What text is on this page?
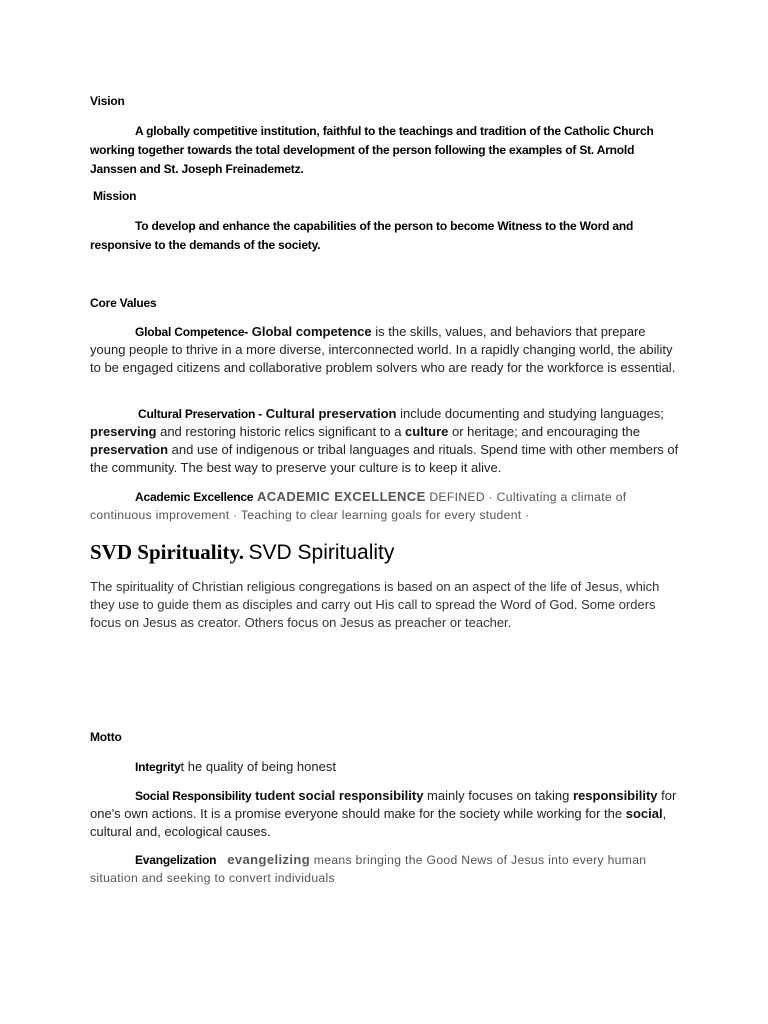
Vision
A globally competitive institution, faithful to the teachings and tradition of the Catholic Church working together towards the total development of the person following the examples of St. Arnold Janssen and St. Joseph Freinademetz.
Mission
To develop and enhance the capabilities of the person to become Witness to the Word and responsive to the demands of the society.
Core Values
Global Competence- Global competence is the skills, values, and behaviors that prepare young people to thrive in a more diverse, interconnected world. In a rapidly changing world, the ability to be engaged citizens and collaborative problem solvers who are ready for the workforce is essential.
Cultural Preservation - Cultural preservation include documenting and studying languages; preserving and restoring historic relics significant to a culture or heritage; and encouraging the preservation and use of indigenous or tribal languages and rituals. Spend time with other members of the community. The best way to preserve your culture is to keep it alive.
Academic Excellence ACADEMIC EXCELLENCE DEFINED · Cultivating a climate of continuous improvement · Teaching to clear learning goals for every student ·
SVD Spirituality. SVD Spirituality
The spirituality of Christian religious congregations is based on an aspect of the life of Jesus, which they use to guide them as disciples and carry out His call to spread the Word of God. Some orders focus on Jesus as creator. Others focus on Jesus as preacher or teacher.
Motto
Integrityt he quality of being honest
Social Responsibility tudent social responsibility mainly focuses on taking responsibility for one's own actions. It is a promise everyone should make for the society while working for the social, cultural and, ecological causes.
Evangelization evangelizing means bringing the Good News of Jesus into every human situation and seeking to convert individuals
